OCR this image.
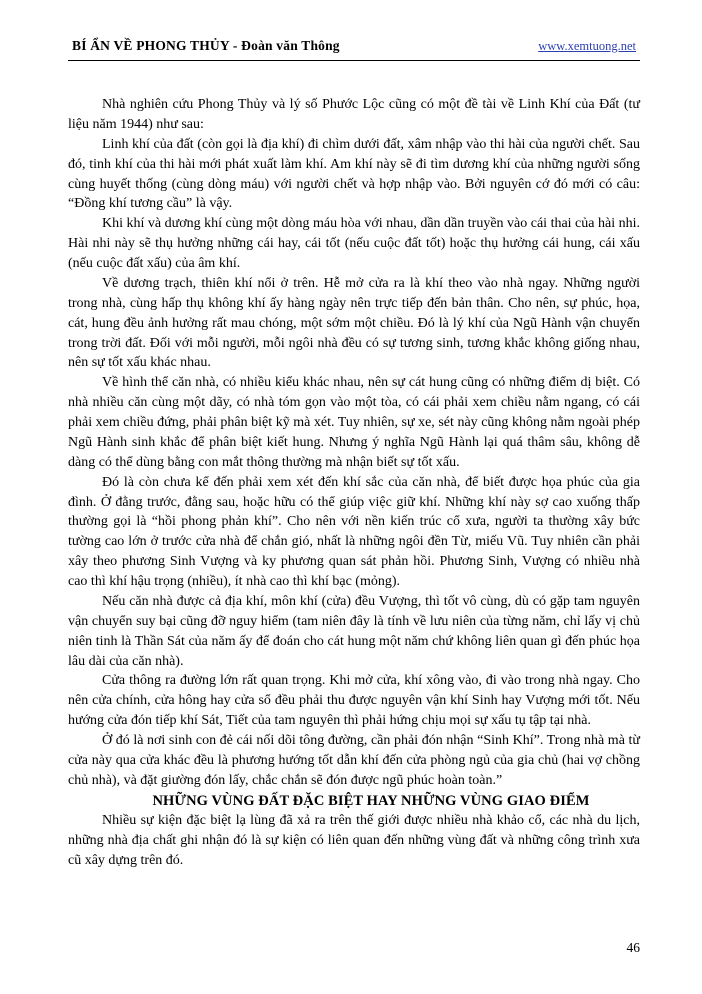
BÍ ẨN VỀ PHONG THỦY - Đoàn văn Thông	www.xemtuong.net

Nhà nghiên cứu Phong Thủy và lý số Phước Lộc cũng có một đề tài về Linh Khí của Đất (tư liệu năm 1944) như sau:

Linh khí của đất (còn gọi là địa khí) đi chìm dưới đất, xâm nhập vào thi hài của người chết. Sau đó, tinh khí của thi hài mới phát xuất làm khí. Am khí này sẽ đi tìm dương khí của những người sống cùng huyết thống (cùng dòng máu) với người chết và hợp nhập vào. Bởi nguyên cớ đó mới có câu: “Đồng khí tương cầu” là vậy.

Khi khí và dương khí cùng một dòng máu hòa với nhau, dần dần truyền vào cái thai của hài nhi. Hài nhi này sẽ thụ hưởng những cái hay, cái tốt (nếu cuộc đất tốt) hoặc thụ hưởng cái hung, cái xấu (nếu cuộc đất xấu) của âm khí.

Về dương trạch, thiên khí nổi ở trên. Hễ mở cửa ra là khí theo vào nhà ngay. Những người trong nhà, cùng hấp thụ không khí ấy hàng ngày nên trực tiếp đến bản thân. Cho nên, sự phúc, họa, cát, hung đều ảnh hưởng rất mau chóng, một sớm một chiều. Đó là lý khí của Ngũ Hành vận chuyển trong trời đất. Đối với mỗi người, mỗi ngôi nhà đều có sự tương sinh, tương khắc không giống nhau, nên sự tốt xấu khác nhau.

Về hình thể căn nhà, có nhiều kiểu khác nhau, nên sự cát hung cũng có những điểm dị biệt. Có nhà nhiều căn cùng một dãy, có nhà tóm gọn vào một tòa, có cái phải xem chiều nằm ngang, có cái phải xem chiều đứng, phải phân biệt kỹ mà xét. Tuy nhiên, sự xe, sét này cũng không nằm ngoài phép Ngũ Hành sinh khắc để phân biệt kiết hung. Nhưng ý nghĩa Ngũ Hành lại quá thâm sâu, không dễ dàng có thể dùng bằng con mắt thông thường mà nhận biết sự tốt xấu.

Đó là còn chưa kể đến phải xem xét đến khí sắc của căn nhà, để biết được họa phúc của gia đình. Ở đằng trước, đằng sau, hoặc hữu có thể giúp việc giữ khí. Những khí này sợ cao xuống thấp thường gọi là “hồi phong phản khí”. Cho nên với nền kiến trúc cổ xưa, người ta thường xây bức tường cao lớn ở trước cửa nhà để chắn gió, nhất là những ngôi đền Từ, miếu Vũ. Tuy nhiên cần phải xây theo phương Sinh Vượng và ky phương quan sát phản hồi. Phương Sinh, Vượng có nhiều nhà cao thì khí hậu trọng (nhiều), ít nhà cao thì khí bạc (mỏng).

Nếu căn nhà được cả địa khí, môn khí (cửa) đều Vượng, thì tốt vô cùng, dù có gặp tam nguyên vận chuyển suy bại cũng đỡ nguy hiểm (tam niên đây là tính về lưu niên của từng năm, chỉ lấy vị chủ niên tinh là Thần Sát của năm ấy để đoán cho cát hung một năm chứ không liên quan gì đến phúc họa lâu dài của căn nhà).

Cửa thông ra đường lớn rất quan trọng. Khi mở cửa, khí xông vào, đi vào trong nhà ngay. Cho nên cửa chính, cửa hông hay cửa sổ đều phải thu được nguyên vận khí Sinh hay Vượng mới tốt. Nếu hướng cửa đón tiếp khí Sát, Tiết của tam nguyên thì phải hứng chịu mọi sự xấu tụ tập tại nhà.

Ở đó là nơi sinh con đẻ cái nối dõi tông đường, cần phải đón nhận “Sinh Khí”. Trong nhà mà từ cửa này qua cửa khác đều là phương hướng tốt dẫn khí đến cửa phòng ngủ của gia chủ (hai vợ chồng chủ nhà), và đặt giường đón lấy, chắc chắn sẽ đón được ngũ phúc hoàn toàn.”

NHỮNG VÙNG ĐẤT ĐẶC BIỆT HAY NHỮNG VÙNG GIAO ĐIỂM

Nhiều sự kiện đặc biệt lạ lùng đã xả ra trên thế giới được nhiều nhà khảo cổ, các nhà du lịch, những nhà địa chất ghi nhận đó là sự kiện có liên quan đến những vùng đất và những công trình xưa cũ xây dựng trên đó.

46
